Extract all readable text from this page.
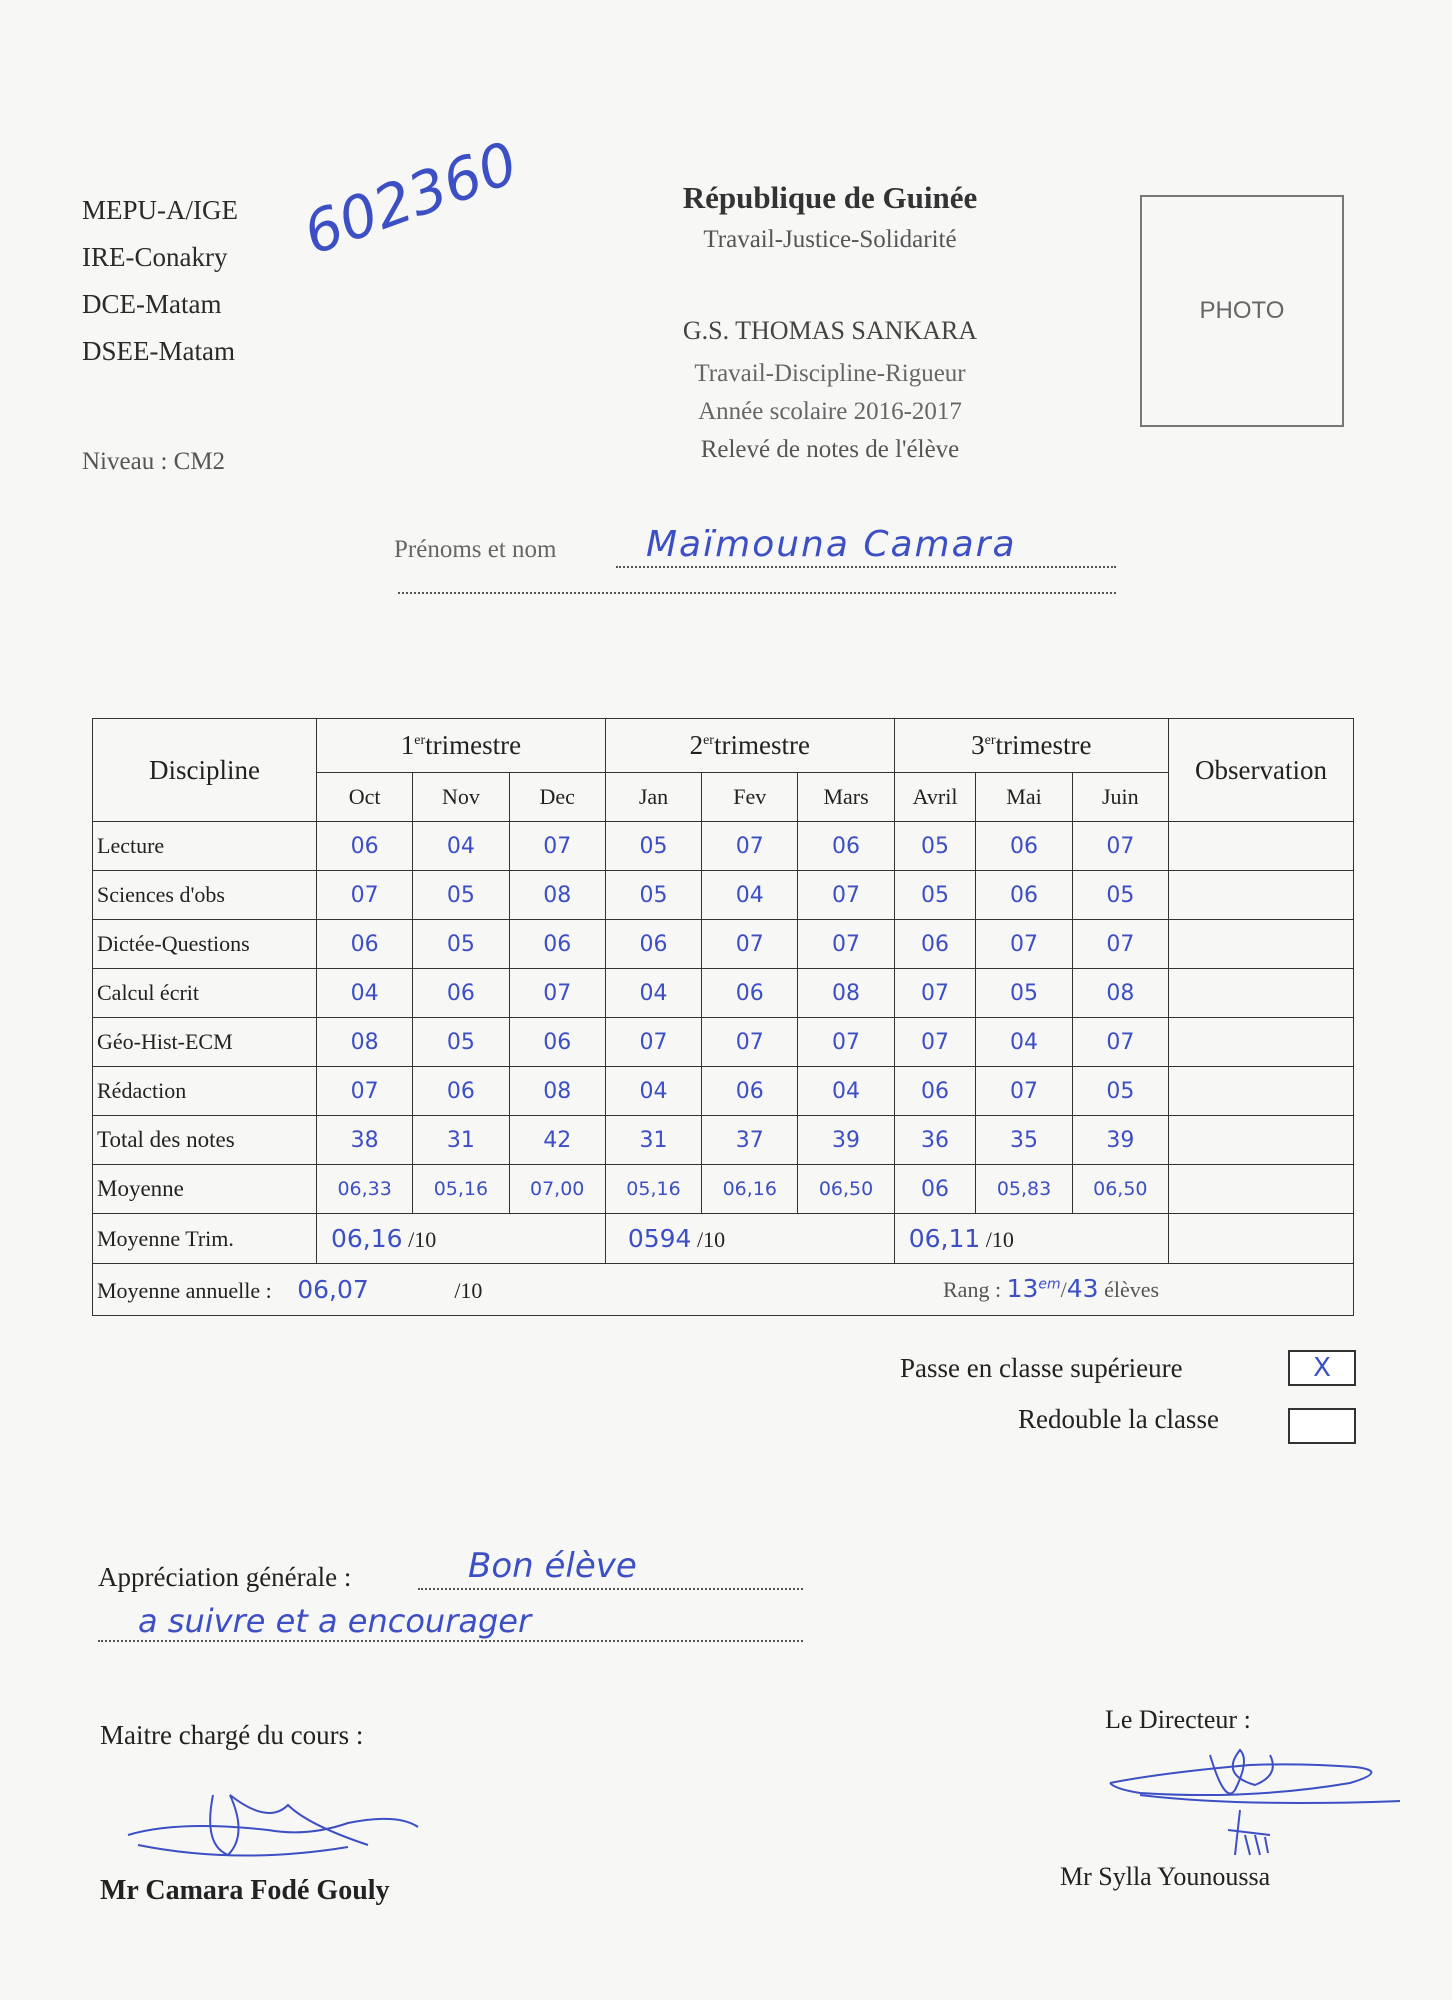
MEPU-A/IGE
IRE-Conakry
DCE-Matam
DSEE-Matam
Niveau : CM2
602360	République de Guinée
Travail-Justice-Solidarité
G.S. THOMAS SANKARA
Travail-Discipline-Rigueur
Année scolaire 2016-2017
Relevé de notes de l'élève
Prénoms et nom Maïmouna Camara
PHOTO
Discipline	1ertrimestre			2ertrimestre			3ertrimestre			Observation
	Oct	Nov	Dec	Jan	Fev	Mars	Avril	Mai	Juin	
Lecture	06	04	07	05	07	06	05	06	07	
Sciences d'obs	07	05	08	05	04	07	05	06	05	
Dictée-Questions	06	05	06	06	07	07	06	07	07	
Calcul écrit	04	06	07	04	06	08	07	05	08	
Géo-Hist-ECM	08	05	06	07	07	07	07	04	07	
Rédaction	07	06	08	04	06	04	06	07	05	
Total des notes	38	31	42	31	37	39	36	35	39	
Moyenne	06,33	05,16	07,00	05,16	06,16	06,50	06	05,83	06,50	
Moyenne Trim.	06,16 /10			0594 /10			06,11 /10			
Moyenne annuelle : 06,07 /10 Rang : $13^{em}/43$ élèves										
Passe en classe supérieure	X
Redouble la classe
Appréciation générale :	Bon élève
a suivre et a encourager
Maitre chargé du cours :
Mr Camara Fodé Gouly
Le Directeur :
Mr Sylla Younoussa
